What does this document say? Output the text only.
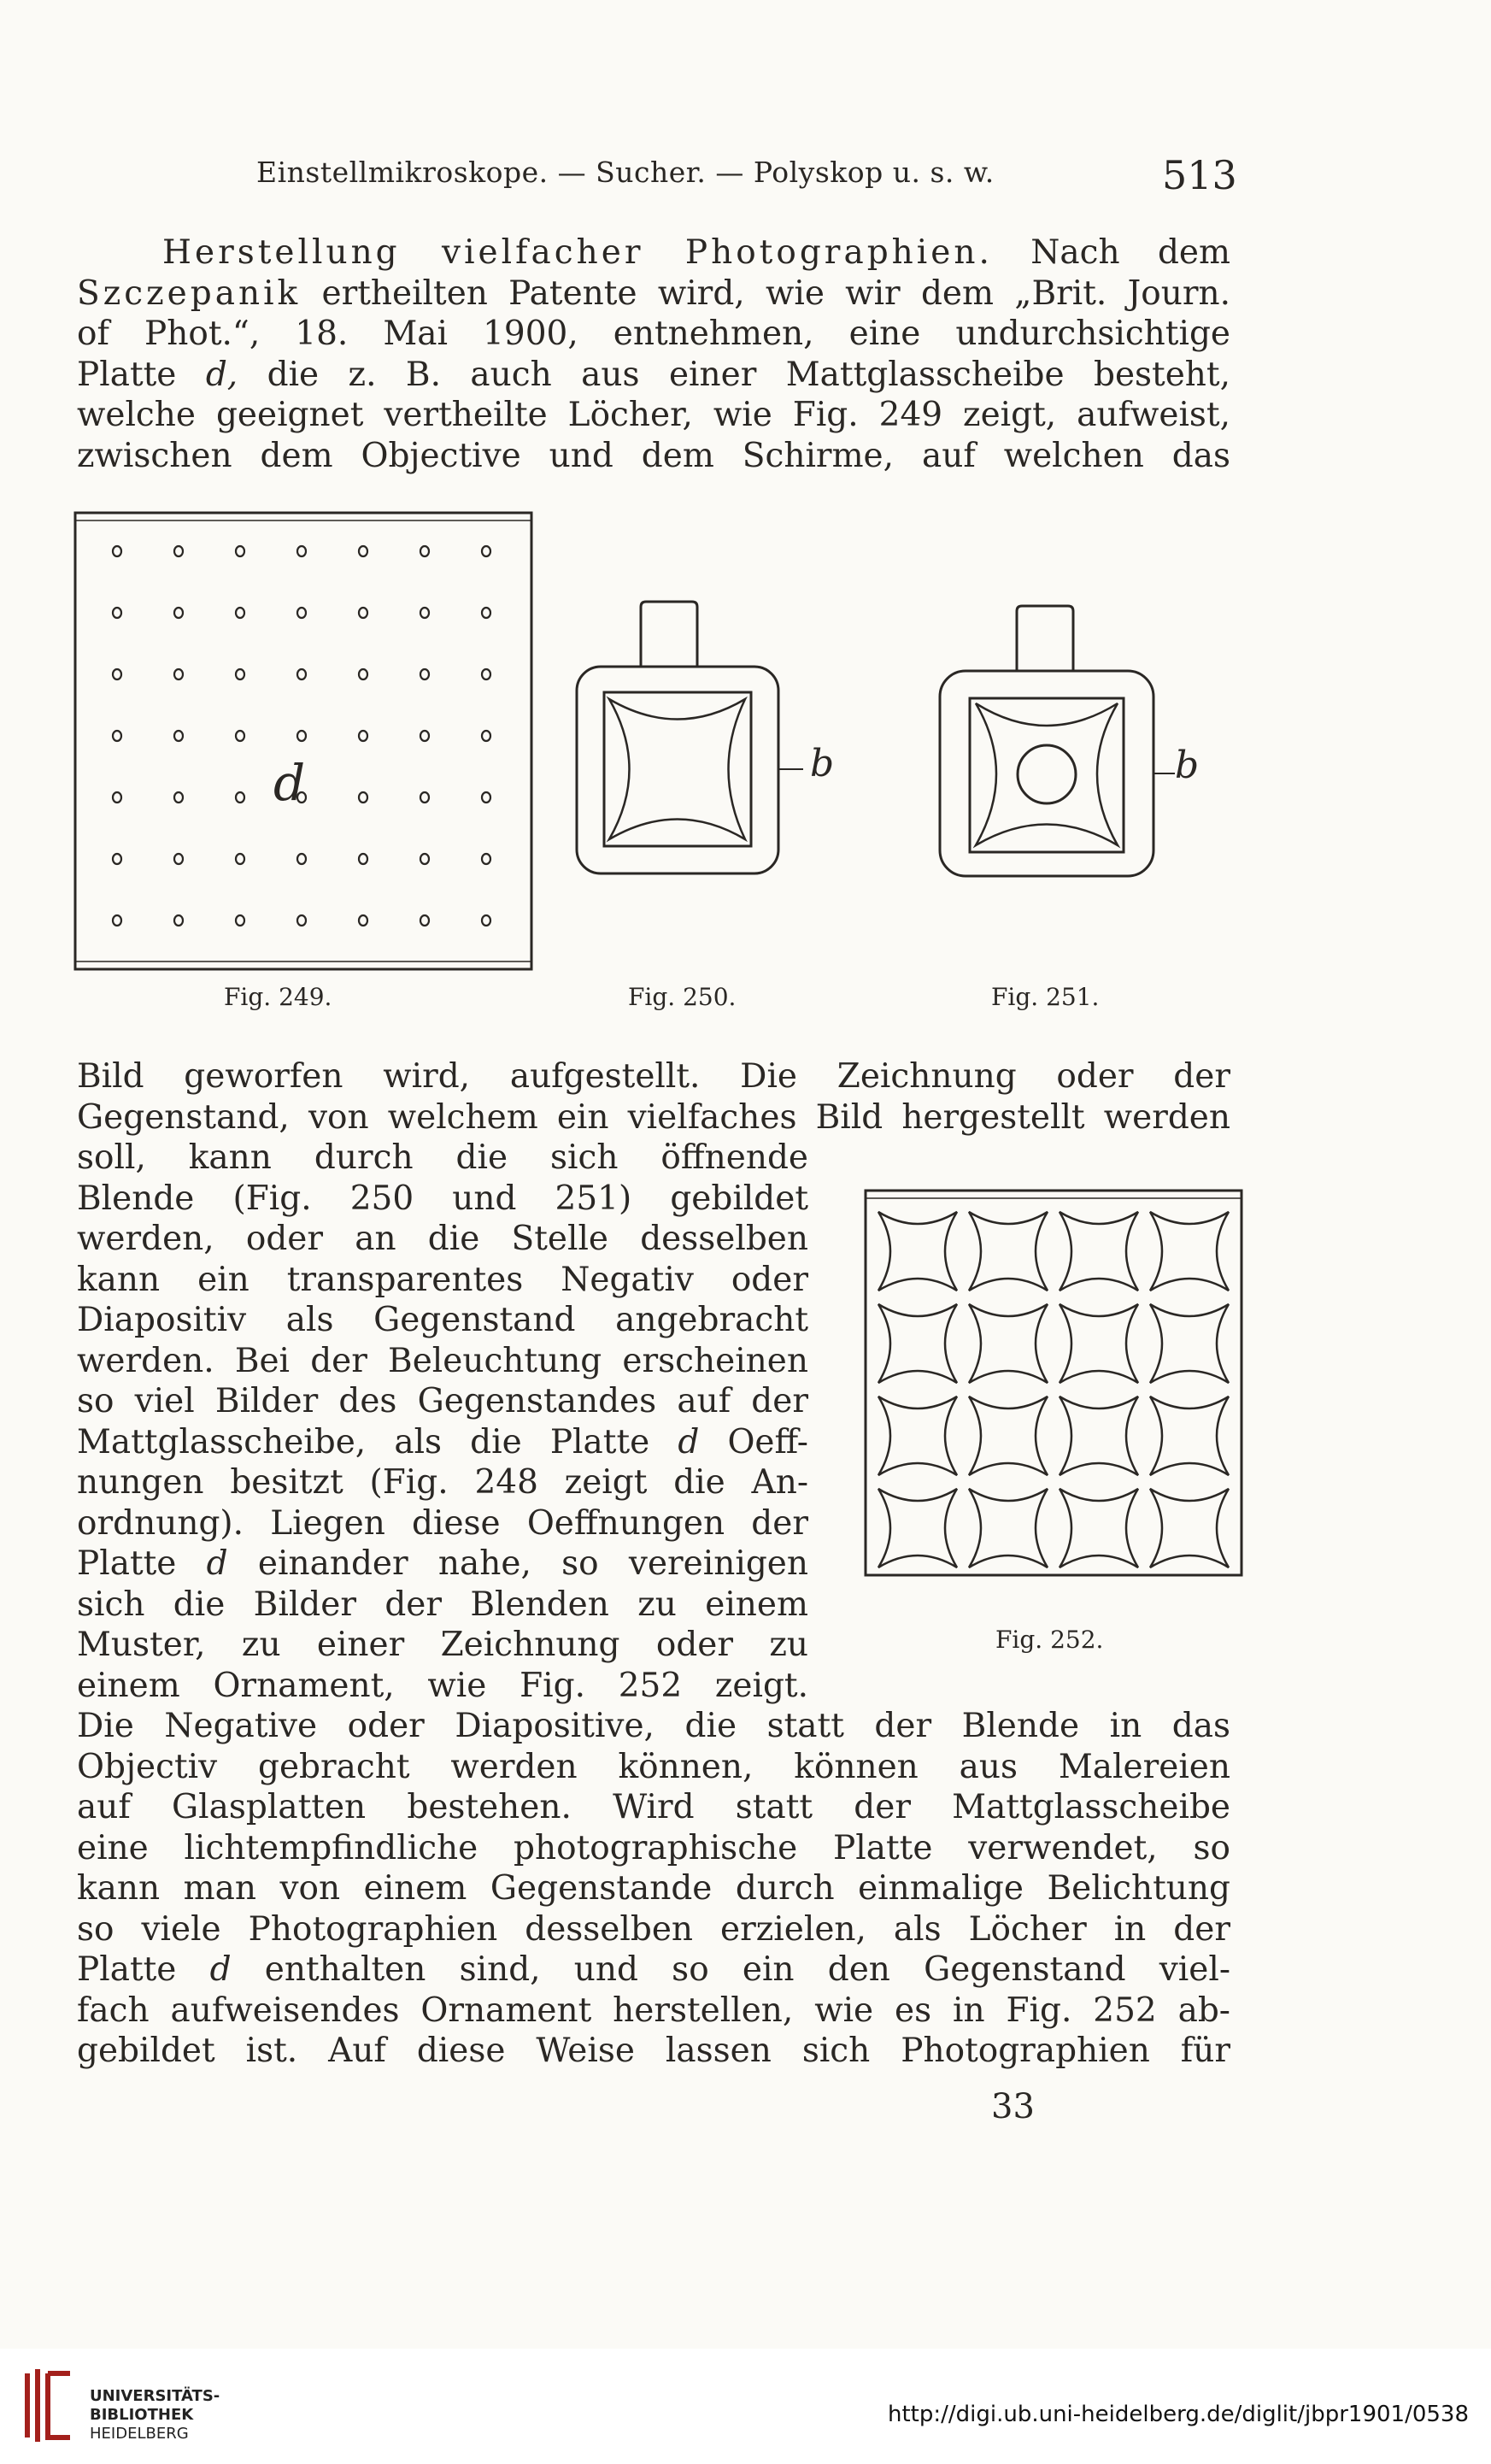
Einstellmikroskope. — Sucher. — Polyskop u. s. w.	513
Herstellung vielfacher Photographien. Nach dem
Szczepanik ertheilten Patente wird, wie wir dem „Brit. Journ.
of Phot.“, 18. Mai 1900, entnehmen, eine undurchsichtige
Platte d, die z. B. auch aus einer Mattglasscheibe besteht,
welche geeignet vertheilte Löcher, wie Fig. 249 zeigt, aufweist,
zwischen dem Objective und dem Schirme, auf welchen das
d	b	b
Fig. 249.	Fig. 250.	Fig. 251.
Bild geworfen wird, aufgestellt. Die Zeichnung oder der
Gegenstand, von welchem ein vielfaches Bild hergestellt werden
soll, kann durch die sich öffnende
Blende (Fig. 250 und 251) gebildet
werden, oder an die Stelle desselben
kann ein transparentes Negativ oder
Diapositiv als Gegenstand angebracht
werden. Bei der Beleuchtung erscheinen
so viel Bilder des Gegenstandes auf der
Mattglasscheibe, als die Platte d Oeff-
nungen besitzt (Fig. 248 zeigt die An-
ordnung). Liegen diese Oeffnungen der
Platte d einander nahe, so vereinigen
sich die Bilder der Blenden zu einem
Muster, zu einer Zeichnung oder zu
einem Ornament, wie Fig. 252 zeigt.
Die Negative oder Diapositive, die statt der Blende in das
Objectiv gebracht werden können, können aus Malereien
auf Glasplatten bestehen. Wird statt der Mattglasscheibe
eine lichtempfindliche photographische Platte verwendet, so
kann man von einem Gegenstande durch einmalige Belichtung
so viele Photographien desselben erzielen, als Löcher in der
Platte d enthalten sind, und so ein den Gegenstand viel-
fach aufweisendes Ornament herstellen, wie es in Fig. 252 ab-
gebildet ist. Auf diese Weise lassen sich Photographien für
Fig. 252.
33
UNIVERSITÄTS-
BIBLIOTHEK
HEIDELBERG
http://digi.ub.uni-heidelberg.de/diglit/jbpr1901/0538
